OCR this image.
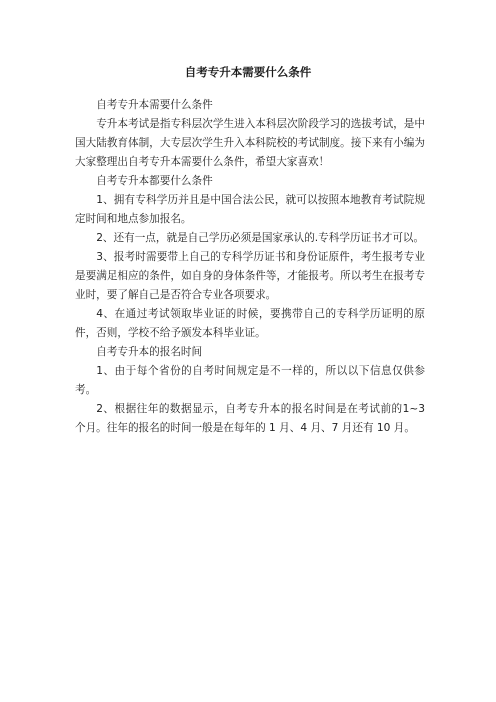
自考专升本需要什么条件

自考专升本需要什么条件

专升本考试是指专科层次学生进入本科层次阶段学习的选拔考试，是中国大陆教育体制，大专层次学生升入本科院校的考试制度。接下来有小编为大家整理出自考专升本需要什么条件，希望大家喜欢！

自考专升本都要什么条件

1、拥有专科学历并且是中国合法公民，就可以按照本地教育考试院规定时间和地点参加报名。

2、还有一点，就是自己学历必须是国家承认的.专科学历证书才可以。

3、报考时需要带上自己的专科学历证书和身份证原件，考生报考专业是要满足相应的条件，如自身的身体条件等，才能报考。所以考生在报考专业时，要了解自己是否符合专业各项要求。

4、在通过考试领取毕业证的时候，要携带自己的专科学历证明的原件，否则，学校不给予颁发本科毕业证。

自考专升本的报名时间

1、由于每个省份的自考时间规定是不一样的，所以以下信息仅供参考。

2、根据往年的数据显示，自考专升本的报名时间是在考试前的1~3 个月。往年的报名的时间一般是在每年的 1 月、4 月、7 月还有 10 月。
